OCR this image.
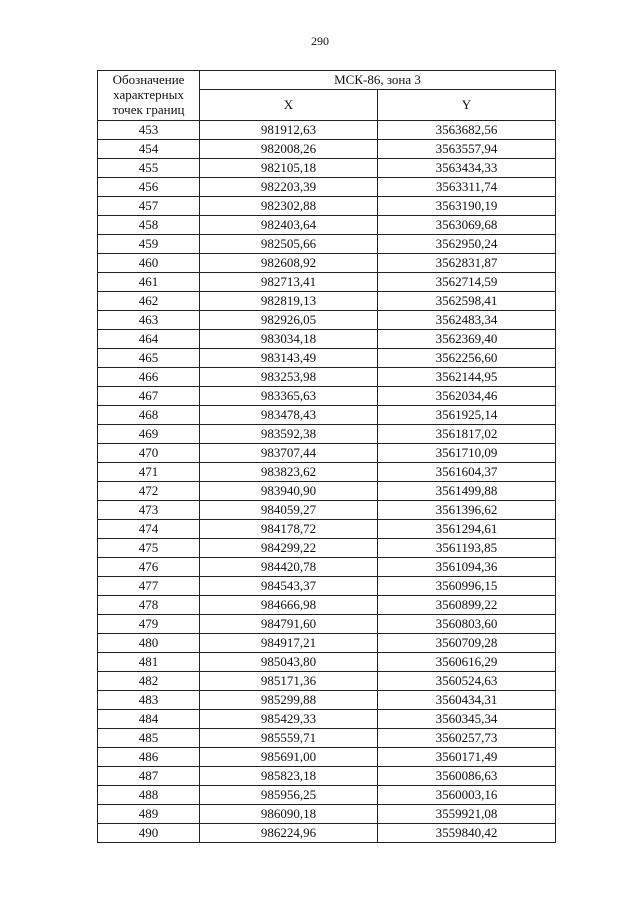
290
Обозначение характерных точек границ	МСК-86, зона 3	
	X	Y
453	981912,63	3563682,56
454	982008,26	3563557,94
455	982105,18	3563434,33
456	982203,39	3563311,74
457	982302,88	3563190,19
458	982403,64	3563069,68
459	982505,66	3562950,24
460	982608,92	3562831,87
461	982713,41	3562714,59
462	982819,13	3562598,41
463	982926,05	3562483,34
464	983034,18	3562369,40
465	983143,49	3562256,60
466	983253,98	3562144,95
467	983365,63	3562034,46
468	983478,43	3561925,14
469	983592,38	3561817,02
470	983707,44	3561710,09
471	983823,62	3561604,37
472	983940,90	3561499,88
473	984059,27	3561396,62
474	984178,72	3561294,61
475	984299,22	3561193,85
476	984420,78	3561094,36
477	984543,37	3560996,15
478	984666,98	3560899,22
479	984791,60	3560803,60
480	984917,21	3560709,28
481	985043,80	3560616,29
482	985171,36	3560524,63
483	985299,88	3560434,31
484	985429,33	3560345,34
485	985559,71	3560257,73
486	985691,00	3560171,49
487	985823,18	3560086,63
488	985956,25	3560003,16
489	986090,18	3559921,08
490	986224,96	3559840,42
